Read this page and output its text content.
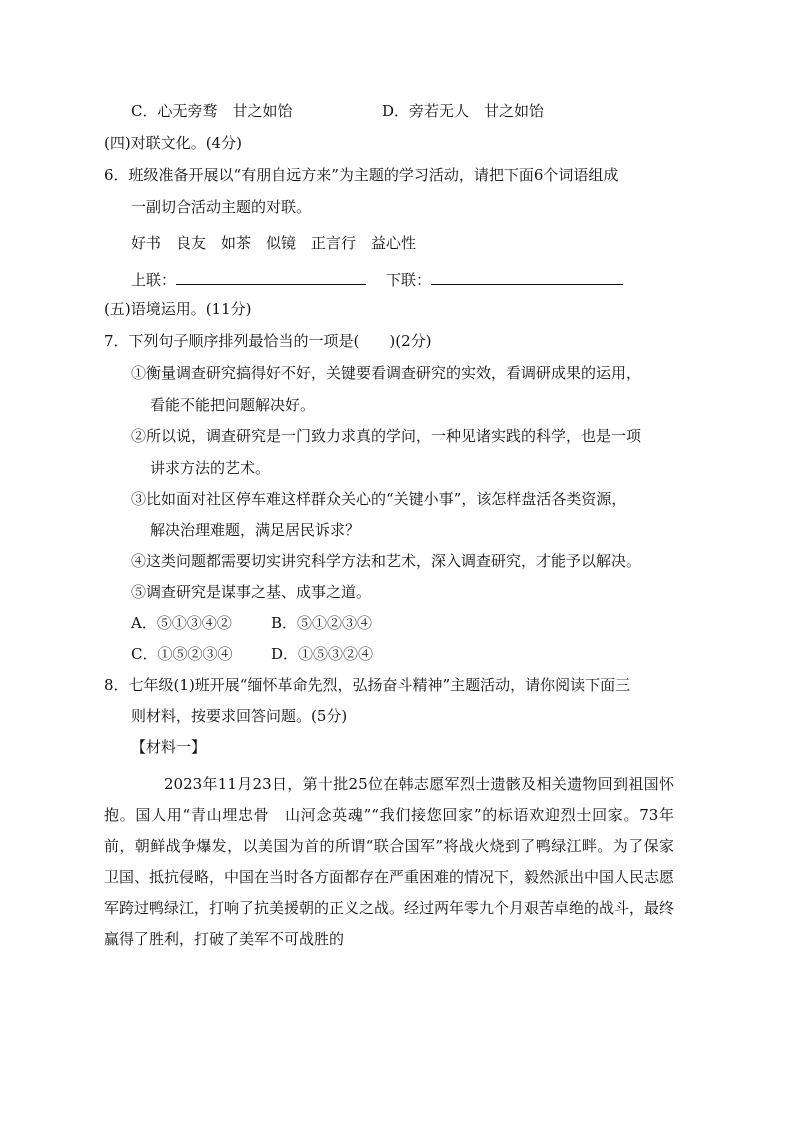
C．心无旁骛　甘之如饴	D．旁若无人　甘之如饴
(四)对联文化。(4分)
6．班级准备开展以“有朋自远方来”为主题的学习活动，请把下面6个词语组成
一副切合活动主题的对联。
好书　良友　如茶　似镜　正言行　益心性
上联：	下联：
(五)语境运用。(11分)
7．下列句子顺序排列最恰当的一项是(　　)(2分)
①衡量调查研究搞得好不好，关键要看调查研究的实效，看调研成果的运用，
看能不能把问题解决好。
②所以说，调查研究是一门致力求真的学问，一种见诸实践的科学，也是一项
讲求方法的艺术。
③比如面对社区停车难这样群众关心的“关键小事”，该怎样盘活各类资源，
解决治理难题，满足居民诉求？
④这类问题都需要切实讲究科学方法和艺术，深入调查研究，才能予以解决。
⑤调查研究是谋事之基、成事之道。
A．⑤①③④②	B．⑤①②③④
C．①⑤②③④	D．①⑤③②④
8．七年级(1)班开展“缅怀革命先烈，弘扬奋斗精神”主题活动，请你阅读下面三
则材料，按要求回答问题。(5分)
【材料一】
2023年11月23日，第十批25位在韩志愿军烈士遗骸及相关遗物回到祖国怀抱。国人用“青山埋忠骨　山河念英魂”“我们接您回家”的标语欢迎烈士回家。73年前，朝鲜战争爆发，以美国为首的所谓“联合国军”将战火烧到了鸭绿江畔。为了保家卫国、抵抗侵略，中国在当时各方面都存在严重困难的情况下，毅然派出中国人民志愿军跨过鸭绿江，打响了抗美援朝的正义之战。经过两年零九个月艰苦卓绝的战斗，最终赢得了胜利，打破了美军不可战胜的
